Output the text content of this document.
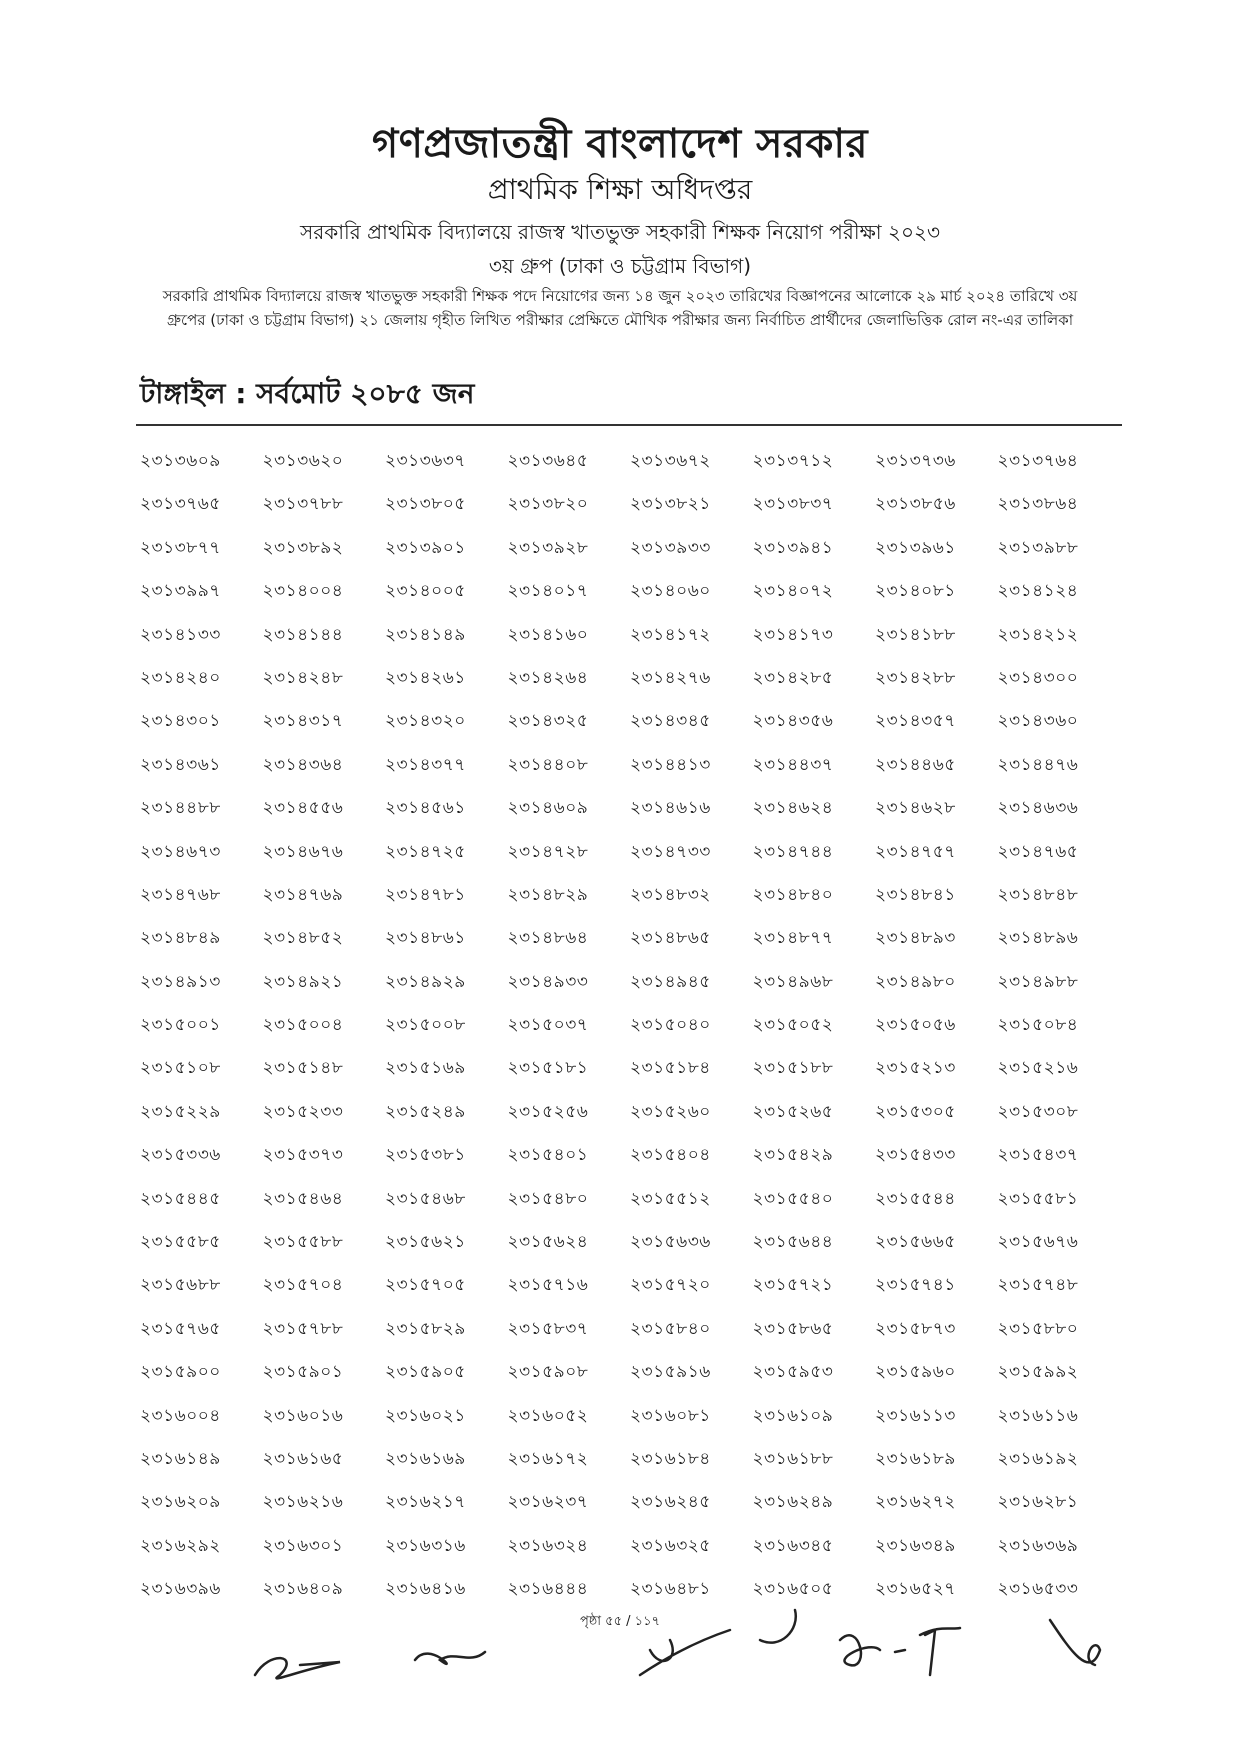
গণপ্রজাতন্ত্রী বাংলাদেশ সরকার
প্রাথমিক শিক্ষা অধিদপ্তর
সরকারি প্রাথমিক বিদ্যালয়ে রাজস্ব খাতভুক্ত সহকারী শিক্ষক নিয়োগ পরীক্ষা ২০২৩
৩য় গ্রুপ (ঢাকা ও চট্টগ্রাম বিভাগ)
সরকারি প্রাথমিক বিদ্যালয়ে রাজস্ব খাতভুক্ত সহকারী শিক্ষক পদে নিয়োগের জন্য ১৪ জুন ২০২৩ তারিখের বিজ্ঞাপনের আলোকে ২৯ মার্চ ২০২৪ তারিখে ৩য় গ্রুপের (ঢাকা ও চট্টগ্রাম বিভাগ) ২১ জেলায় গৃহীত লিখিত পরীক্ষার প্রেক্ষিতে মৌখিক পরীক্ষার জন্য নির্বাচিত প্রার্থীদের জেলাভিত্তিক রোল নং-এর তালিকা
টাঙ্গাইল : সর্বমোট ২০৮৫ জন
২৩১৩৬০৯	২৩১৩৬২০	২৩১৩৬৩৭	২৩১৩৬৪৫	২৩১৩৬৭২	২৩১৩৭১২	২৩১৩৭৩৬	২৩১৩৭৬৪
২৩১৩৭৬৫	২৩১৩৭৮৮	২৩১৩৮০৫	২৩১৩৮২০	২৩১৩৮২১	২৩১৩৮৩৭	২৩১৩৮৫৬	২৩১৩৮৬৪
২৩১৩৮৭৭	২৩১৩৮৯২	২৩১৩৯০১	২৩১৩৯২৮	২৩১৩৯৩৩	২৩১৩৯৪১	২৩১৩৯৬১	২৩১৩৯৮৮
২৩১৩৯৯৭	২৩১৪০০৪	২৩১৪০০৫	২৩১৪০১৭	২৩১৪০৬০	২৩১৪০৭২	২৩১৪০৮১	২৩১৪১২৪
২৩১৪১৩৩	২৩১৪১৪৪	২৩১৪১৪৯	২৩১৪১৬০	২৩১৪১৭২	২৩১৪১৭৩	২৩১৪১৮৮	২৩১৪২১২
২৩১৪২৪০	২৩১৪২৪৮	২৩১৪২৬১	২৩১৪২৬৪	২৩১৪২৭৬	২৩১৪২৮৫	২৩১৪২৮৮	২৩১৪৩০০
২৩১৪৩০১	২৩১৪৩১৭	২৩১৪৩২০	২৩১৪৩২৫	২৩১৪৩৪৫	২৩১৪৩৫৬	২৩১৪৩৫৭	২৩১৪৩৬০
২৩১৪৩৬১	২৩১৪৩৬৪	২৩১৪৩৭৭	২৩১৪৪০৮	২৩১৪৪১৩	২৩১৪৪৩৭	২৩১৪৪৬৫	২৩১৪৪৭৬
২৩১৪৪৮৮	২৩১৪৫৫৬	২৩১৪৫৬১	২৩১৪৬০৯	২৩১৪৬১৬	২৩১৪৬২৪	২৩১৪৬২৮	২৩১৪৬৩৬
২৩১৪৬৭৩	২৩১৪৬৭৬	২৩১৪৭২৫	২৩১৪৭২৮	২৩১৪৭৩৩	২৩১৪৭৪৪	২৩১৪৭৫৭	২৩১৪৭৬৫
২৩১৪৭৬৮	২৩১৪৭৬৯	২৩১৪৭৮১	২৩১৪৮২৯	২৩১৪৮৩২	২৩১৪৮৪০	২৩১৪৮৪১	২৩১৪৮৪৮
২৩১৪৮৪৯	২৩১৪৮৫২	২৩১৪৮৬১	২৩১৪৮৬৪	২৩১৪৮৬৫	২৩১৪৮৭৭	২৩১৪৮৯৩	২৩১৪৮৯৬
২৩১৪৯১৩	২৩১৪৯২১	২৩১৪৯২৯	২৩১৪৯৩৩	২৩১৪৯৪৫	২৩১৪৯৬৮	২৩১৪৯৮০	২৩১৪৯৮৮
২৩১৫০০১	২৩১৫০০৪	২৩১৫০০৮	২৩১৫০৩৭	২৩১৫০৪০	২৩১৫০৫২	২৩১৫০৫৬	২৩১৫০৮৪
২৩১৫১০৮	২৩১৫১৪৮	২৩১৫১৬৯	২৩১৫১৮১	২৩১৫১৮৪	২৩১৫১৮৮	২৩১৫২১৩	২৩১৫২১৬
২৩১৫২২৯	২৩১৫২৩৩	২৩১৫২৪৯	২৩১৫২৫৬	২৩১৫২৬০	২৩১৫২৬৫	২৩১৫৩০৫	২৩১৫৩০৮
২৩১৫৩৩৬	২৩১৫৩৭৩	২৩১৫৩৮১	২৩১৫৪০১	২৩১৫৪০৪	২৩১৫৪২৯	২৩১৫৪৩৩	২৩১৫৪৩৭
২৩১৫৪৪৫	২৩১৫৪৬৪	২৩১৫৪৬৮	২৩১৫৪৮০	২৩১৫৫১২	২৩১৫৫৪০	২৩১৫৫৪৪	২৩১৫৫৮১
২৩১৫৫৮৫	২৩১৫৫৮৮	২৩১৫৬২১	২৩১৫৬২৪	২৩১৫৬৩৬	২৩১৫৬৪৪	২৩১৫৬৬৫	২৩১৫৬৭৬
২৩১৫৬৮৮	২৩১৫৭০৪	২৩১৫৭০৫	২৩১৫৭১৬	২৩১৫৭২০	২৩১৫৭২১	২৩১৫৭৪১	২৩১৫৭৪৮
২৩১৫৭৬৫	২৩১৫৭৮৮	২৩১৫৮২৯	২৩১৫৮৩৭	২৩১৫৮৪০	২৩১৫৮৬৫	২৩১৫৮৭৩	২৩১৫৮৮০
২৩১৫৯০০	২৩১৫৯০১	২৩১৫৯০৫	২৩১৫৯০৮	২৩১৫৯১৬	২৩১৫৯৫৩	২৩১৫৯৬০	২৩১৫৯৯২
২৩১৬০০৪	২৩১৬০১৬	২৩১৬০২১	২৩১৬০৫২	২৩১৬০৮১	২৩১৬১০৯	২৩১৬১১৩	২৩১৬১১৬
২৩১৬১৪৯	২৩১৬১৬৫	২৩১৬১৬৯	২৩১৬১৭২	২৩১৬১৮৪	২৩১৬১৮৮	২৩১৬১৮৯	২৩১৬১৯২
২৩১৬২০৯	২৩১৬২১৬	২৩১৬২১৭	২৩১৬২৩৭	২৩১৬২৪৫	২৩১৬২৪৯	২৩১৬২৭২	২৩১৬২৮১
২৩১৬২৯২	২৩১৬৩০১	২৩১৬৩১৬	২৩১৬৩২৪	২৩১৬৩২৫	২৩১৬৩৪৫	২৩১৬৩৪৯	২৩১৬৩৬৯
২৩১৬৩৯৬	২৩১৬৪০৯	২৩১৬৪১৬	২৩১৬৪৪৪	২৩১৬৪৮১	২৩১৬৫০৫	২৩১৬৫২৭	২৩১৬৫৩৩
পৃষ্ঠা ৫৫ / ১১৭
